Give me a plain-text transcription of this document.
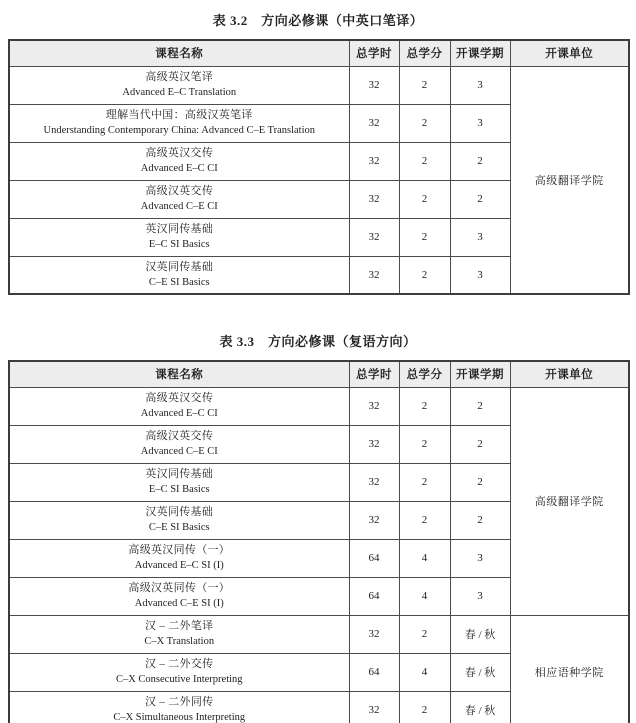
表 3.2　方向必修课（中英口笔译）
课程名称	总学时	总学分	开课学期	开课单位

高级英汉笔译
Advanced E–C Translation	32	2	3	高级翻译学院

理解当代中国：高级汉英笔译
Understanding Contemporary China: Advanced C–E Translation	32	2	3	

高级英汉交传
Advanced E–C CI	32	2	2	

高级汉英交传
Advanced C–E CI	32	2	2	

英汉同传基础
E–C SI Basics	32	2	3	

汉英同传基础
C–E SI Basics	32	2	3	
表 3.3　方向必修课（复语方向）
课程名称	总学时	总学分	开课学期	开课单位

高级英汉交传
Advanced E–C CI	32	2	2	高级翻译学院

高级汉英交传
Advanced C–E CI	32	2	2	

英汉同传基础
E–C SI Basics	32	2	2	

汉英同传基础
C–E SI Basics	32	2	2	

高级英汉同传（一）
Advanced E–C SI (I)	64	4	3	

高级汉英同传（一）
Advanced C–E SI (I)	64	4	3	

汉 – 二外笔译
C–X Translation	32	2	春 / 秋	相应语种学院

汉 – 二外交传
C–X Consecutive Interpreting	64	4	春 / 秋	

汉 – 二外同传
C–X Simultaneous Interpreting	32	2	春 / 秋	
